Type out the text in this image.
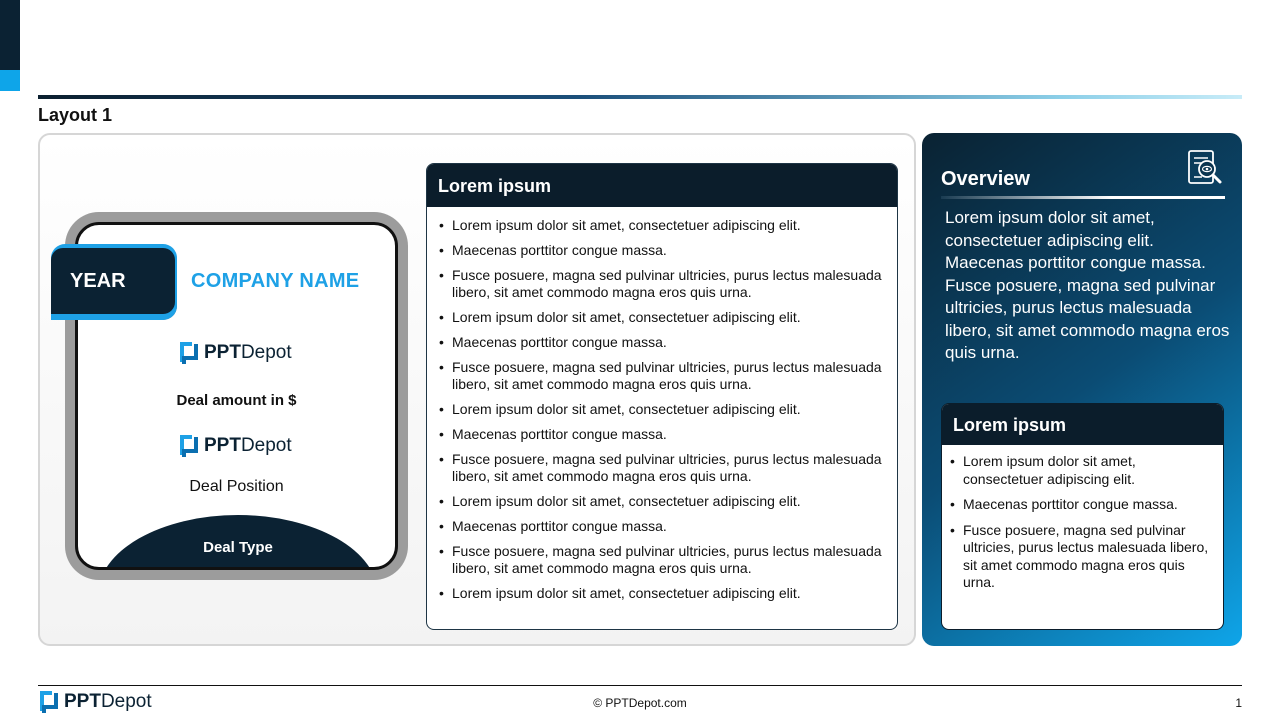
Layout 1
Deal Type
YEAR	COMPANY NAME
PPTDepot
Deal amount in $
PPTDepot
Deal Position
Lorem ipsum
• Lorem ipsum dolor sit amet, consectetuer adipiscing elit.
• Maecenas porttitor congue massa.
• Fusce posuere, magna sed pulvinar ultricies, purus lectus malesuada libero, sit amet commodo magna eros quis urna.
• Lorem ipsum dolor sit amet, consectetuer adipiscing elit.
• Maecenas porttitor congue massa.
• Fusce posuere, magna sed pulvinar ultricies, purus lectus malesuada libero, sit amet commodo magna eros quis urna.
• Lorem ipsum dolor sit amet, consectetuer adipiscing elit.
• Maecenas porttitor congue massa.
• Fusce posuere, magna sed pulvinar ultricies, purus lectus malesuada libero, sit amet commodo magna eros quis urna.
• Lorem ipsum dolor sit amet, consectetuer adipiscing elit.
• Maecenas porttitor congue massa.
• Fusce posuere, magna sed pulvinar ultricies, purus lectus malesuada libero, sit amet commodo magna eros quis urna.
• Lorem ipsum dolor sit amet, consectetuer adipiscing elit.
Overview
Lorem ipsum dolor sit amet, consectetuer adipiscing elit. Maecenas porttitor congue massa. Fusce posuere, magna sed pulvinar ultricies, purus lectus malesuada libero, sit amet commodo magna eros quis urna.
Lorem ipsum
• Lorem ipsum dolor sit amet, consectetuer adipiscing elit.
• Maecenas porttitor congue massa.
• Fusce posuere, magna sed pulvinar ultricies, purus lectus malesuada libero, sit amet commodo magna eros quis urna.
PPTDepot	© PPTDepot.com	1
